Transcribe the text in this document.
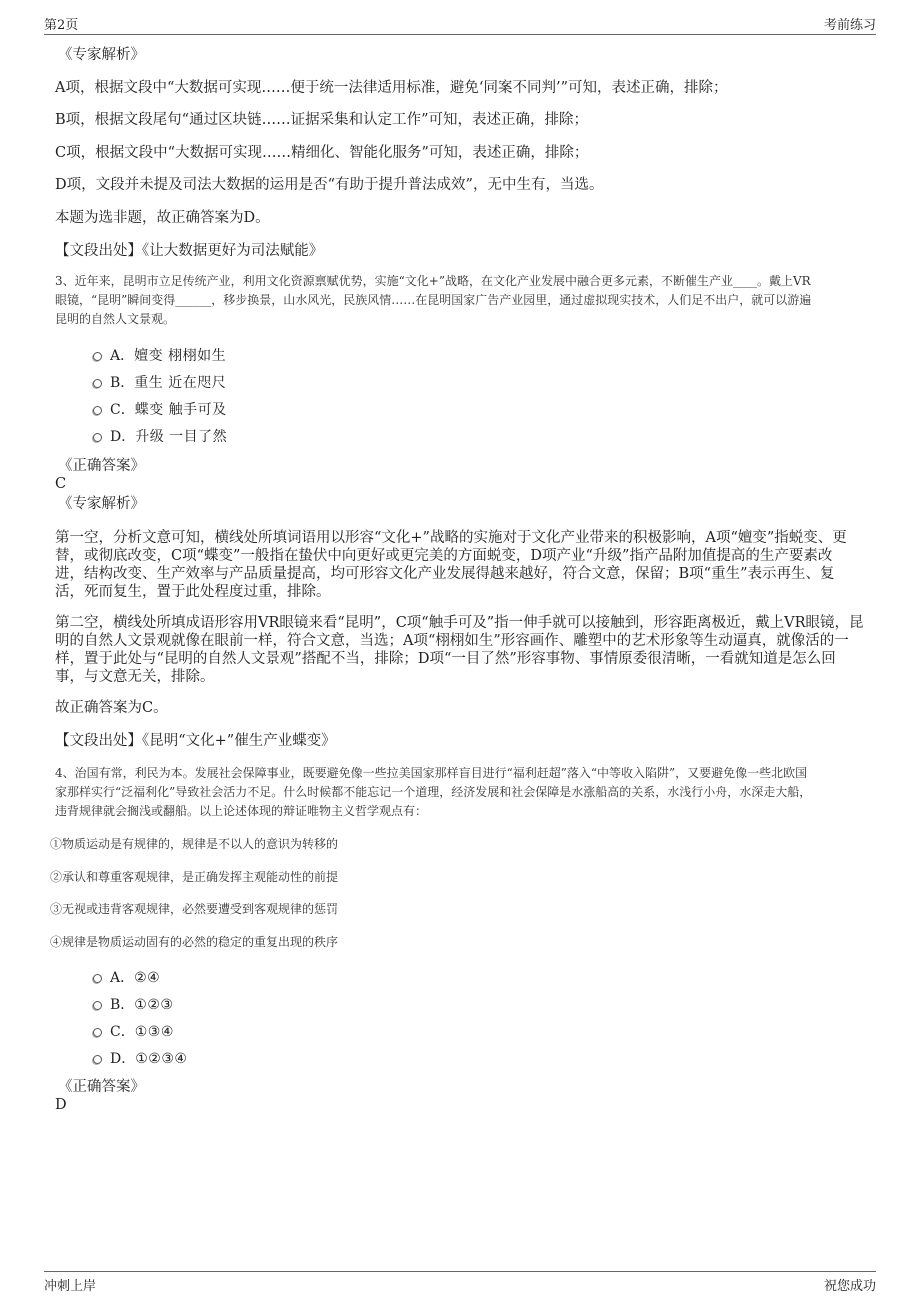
第2页	考前练习

《专家解析》

A项，根据文段中“大数据可实现……便于统一法律适用标准，避免‘同案不同判’”可知，表述正确，排除；

B项，根据文段尾句“通过区块链……证据采集和认定工作”可知，表述正确，排除；

C项，根据文段中“大数据可实现……精细化、智能化服务”可知，表述正确，排除；

D项，文段并未提及司法大数据的运用是否“有助于提升普法成效”，无中生有，当选。

本题为选非题，故正确答案为D。

【文段出处】《让大数据更好为司法赋能》

3、近年来，昆明市立足传统产业，利用文化资源禀赋优势，实施“文化+”战略，在文化产业发展中融合更多元素，不断催生产业____。戴上VR

眼镜，“昆明”瞬间变得______，移步换景，山水风光，民族风情……在昆明国家广告产业园里，通过虚拟现实技术，人们足不出户，就可以游遍

昆明的自然人文景观。

A．嬗变 栩栩如生
B．重生 近在咫尺
C．蝶变 触手可及
D．升级 一目了然

《正确答案》

C

《专家解析》

第一空，分析文意可知，横线处所填词语用以形容“文化+”战略的实施对于文化产业带来的积极影响，A项“嬗变”指蜕变、更

替，或彻底改变，C项“蝶变”一般指在蛰伏中向更好或更完美的方面蜕变，D项产业“升级”指产品附加值提高的生产要素改

进，结构改变、生产效率与产品质量提高，均可形容文化产业发展得越来越好，符合文意，保留；B项“重生”表示再生、复

活，死而复生，置于此处程度过重，排除。

第二空，横线处所填成语形容用VR眼镜来看“昆明”，C项“触手可及”指一伸手就可以接触到，形容距离极近，戴上VR眼镜，昆

明的自然人文景观就像在眼前一样，符合文意，当选；A项“栩栩如生”形容画作、雕塑中的艺术形象等生动逼真，就像活的一

样，置于此处与“昆明的自然人文景观”搭配不当，排除；D项“一目了然”形容事物、事情原委很清晰，一看就知道是怎么回

事，与文意无关，排除。

故正确答案为C。

【文段出处】《昆明“文化+”催生产业蝶变》

4、治国有常，利民为本。发展社会保障事业，既要避免像一些拉美国家那样盲目进行“福利赶超”落入“中等收入陷阱”，又要避免像一些北欧国

家那样实行“泛福利化”导致社会活力不足。什么时候都不能忘记一个道理，经济发展和社会保障是水涨船高的关系，水浅行小舟，水深走大船，

违背规律就会搁浅或翻船。以上论述体现的辩证唯物主义哲学观点有：

①物质运动是有规律的，规律是不以人的意识为转移的

②承认和尊重客观规律，是正确发挥主观能动性的前提

③无视或违背客观规律，必然要遭受到客观规律的惩罚

④规律是物质运动固有的必然的稳定的重复出现的秩序

A．②④
B．①②③
C．①③④
D．①②③④

《正确答案》

D

冲刺上岸	祝您成功
